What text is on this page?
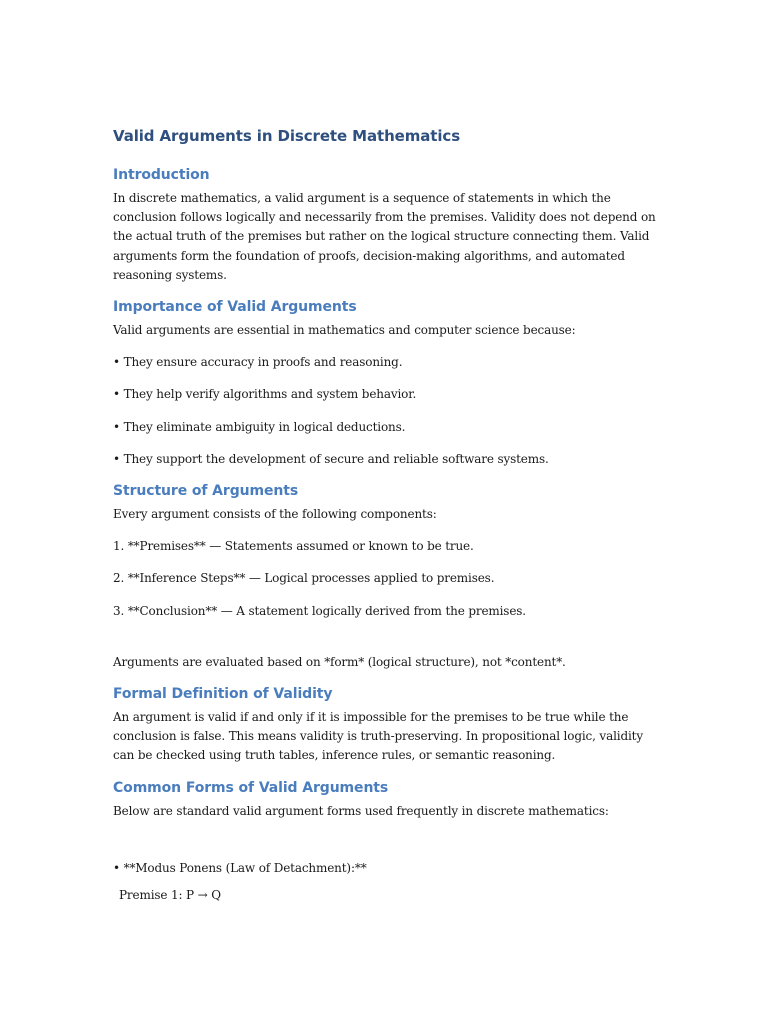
Valid Arguments in Discrete Mathematics
Introduction

In discrete mathematics, a valid argument is a sequence of statements in which the conclusion follows logically and necessarily from the premises. Validity does not depend on the actual truth of the premises but rather on the logical structure connecting them. Valid arguments form the foundation of proofs, decision-making algorithms, and automated reasoning systems.

Importance of Valid Arguments

Valid arguments are essential in mathematics and computer science because:

• They ensure accuracy in proofs and reasoning.

• They help verify algorithms and system behavior.

• They eliminate ambiguity in logical deductions.

• They support the development of secure and reliable software systems.

Structure of Arguments

Every argument consists of the following components:

1. **Premises** — Statements assumed or known to be true.

2. **Inference Steps** — Logical processes applied to premises.

3. **Conclusion** — A statement logically derived from the premises.

Arguments are evaluated based on *form* (logical structure), not *content*.

Formal Definition of Validity

An argument is valid if and only if it is impossible for the premises to be true while the conclusion is false. This means validity is truth-preserving. In propositional logic, validity can be checked using truth tables, inference rules, or semantic reasoning.

Common Forms of Valid Arguments

Below are standard valid argument forms used frequently in discrete mathematics:

• **Modus Ponens (Law of Detachment):**

Premise 1: P → Q
